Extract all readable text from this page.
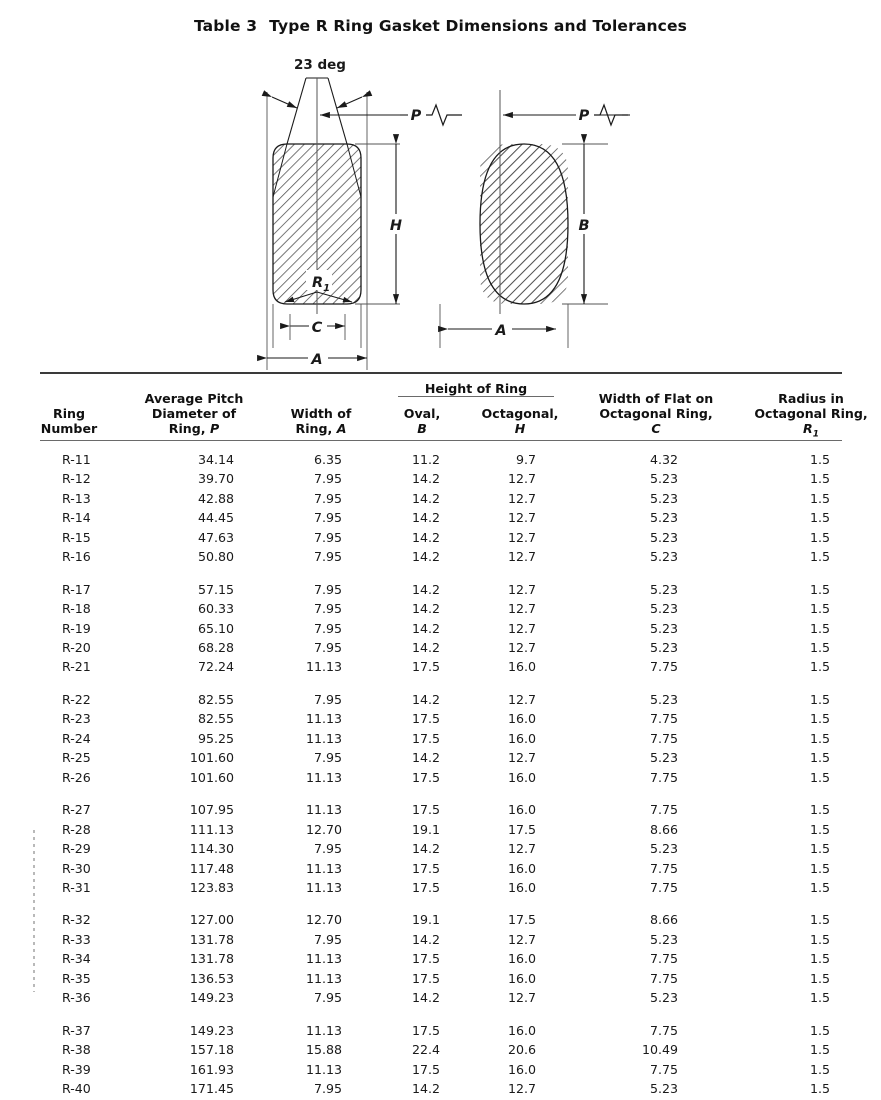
Table 3 Type R Ring Gasket Dimensions and Tolerances
23 deg
P	P
H	B
$R_1$
C
A
A
Ring
Number
Average Pitch
Diameter of
Ring, P
Width of
Ring, A
Height of Ring
Oval,
B
Octagonal,
H
Width of Flat on
Octagonal Ring,
C
Radius in
Octagonal Ring,
$R_1$
R-11	34.14	6.35	11.2	9.7	4.32	1.5
R-12	39.70	7.95	14.2	12.7	5.23	1.5
R-13	42.88	7.95	14.2	12.7	5.23	1.5
R-14	44.45	7.95	14.2	12.7	5.23	1.5
R-15	47.63	7.95	14.2	12.7	5.23	1.5
R-16	50.80	7.95	14.2	12.7	5.23	1.5
R-17	57.15	7.95	14.2	12.7	5.23	1.5
R-18	60.33	7.95	14.2	12.7	5.23	1.5
R-19	65.10	7.95	14.2	12.7	5.23	1.5
R-20	68.28	7.95	14.2	12.7	5.23	1.5
R-21	72.24	11.13	17.5	16.0	7.75	1.5
R-22	82.55	7.95	14.2	12.7	5.23	1.5
R-23	82.55	11.13	17.5	16.0	7.75	1.5
R-24	95.25	11.13	17.5	16.0	7.75	1.5
R-25	101.60	7.95	14.2	12.7	5.23	1.5
R-26	101.60	11.13	17.5	16.0	7.75	1.5
R-27	107.95	11.13	17.5	16.0	7.75	1.5
R-28	111.13	12.70	19.1	17.5	8.66	1.5
R-29	114.30	7.95	14.2	12.7	5.23	1.5
R-30	117.48	11.13	17.5	16.0	7.75	1.5
R-31	123.83	11.13	17.5	16.0	7.75	1.5
R-32	127.00	12.70	19.1	17.5	8.66	1.5
R-33	131.78	7.95	14.2	12.7	5.23	1.5
R-34	131.78	11.13	17.5	16.0	7.75	1.5
R-35	136.53	11.13	17.5	16.0	7.75	1.5
R-36	149.23	7.95	14.2	12.7	5.23	1.5
R-37	149.23	11.13	17.5	16.0	7.75	1.5
R-38	157.18	15.88	22.4	20.6	10.49	1.5
R-39	161.93	11.13	17.5	16.0	7.75	1.5
R-40	171.45	7.95	14.2	12.7	5.23	1.5
